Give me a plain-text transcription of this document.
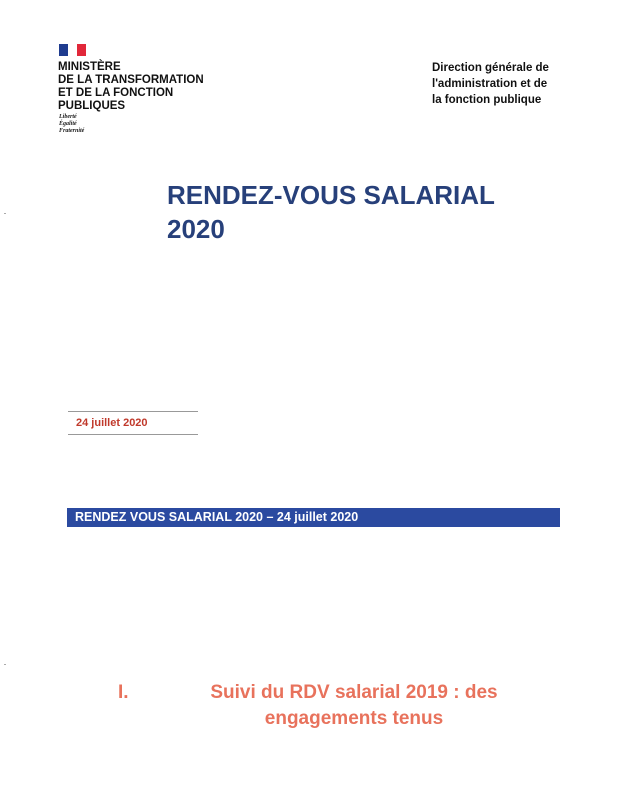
MINISTÈRE
DE LA TRANSFORMATION
ET DE LA FONCTION
PUBLIQUES
Liberté
Égalité
Fraternité
Direction générale de
l'administration et de
la fonction publique
RENDEZ-VOUS SALARIAL
2020
24 juillet 2020
RENDEZ VOUS SALARIAL 2020 – 24 juillet 2020
I.	Suivi du RDV salarial 2019 : des
engagements tenus
